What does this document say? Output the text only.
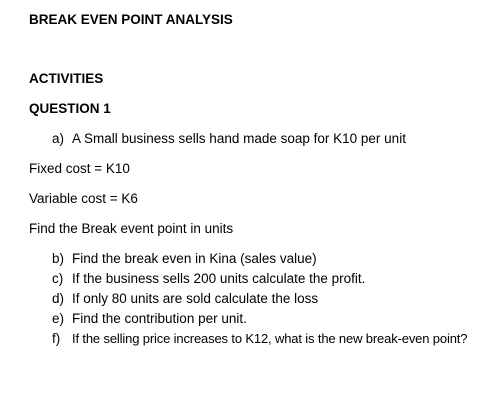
BREAK EVEN POINT ANALYSIS
ACTIVITIES
QUESTION 1
a) A Small business sells hand made soap for K10 per unit
Fixed cost = K10
Variable cost = K6
Find the Break event point in units
b) Find the break even in Kina (sales value)
c) If the business sells 200 units calculate the profit.
d) If only 80 units are sold calculate the loss
e) Find the contribution per unit.
f) If the selling price increases to K12, what is the new break-even point?
